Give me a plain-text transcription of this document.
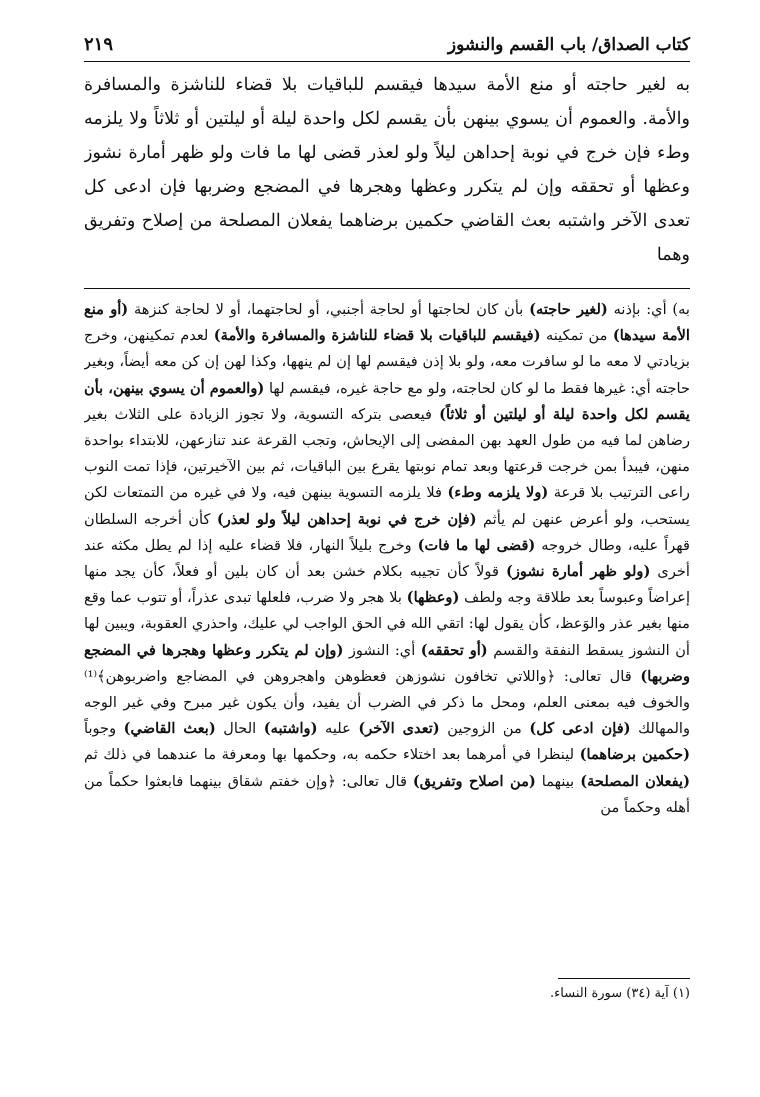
كتاب الصداق/ باب القسم والنشوز
٢١٩
به لغير حاجته أو منع الأمة سيدها فيقسم للباقيات بلا قضاء للناشزة والمسافرة والأمة. والعموم أن يسوي بينهن بأن يقسم لكل واحدة ليلة أو ليلتين أو ثلاثاً ولا يلزمه وطء فإن خرج في نوبة إحداهن ليلاً ولو لعذر قضى لها ما فات ولو ظهر أمارة نشوز وعظها أو تحققه وإن لم يتكرر وعظها وهجرها في المضجع وضربها فإن ادعى كل تعدى الآخر واشتبه بعث القاضي حكمين برضاهما يفعلان المصلحة من إصلاح وتفريق وهما
به) أي: بإذنه (لغير حاجته) بأن كان لحاجتها أو لحاجة أجنبي، أو لحاجتهما، أو لا لحاجة كنزهة (أو منع الأمة سيدها) من تمكينه (فيقسم للباقيات بلا قضاء للناشزة والمسافرة والأمة) لعدم تمكينهن، وخرج بزيادتي لا معه ما لو سافرت معه، ولو بلا إذن فيقسم لها إن لم ينهها، وكذا لهن إن كن معه أيضاً، وبغير حاجته أي: غيرها فقط ما لو كان لحاجته، ولو مع حاجة غيره، فيقسم لها (والعموم أن يسوي بينهن، بأن يقسم لكل واحدة ليلة أو ليلتين أو ثلاثاً) فيعصى بتركه التسوية، ولا تجوز الزيادة على الثلاث بغير رضاهن لما فيه من طول العهد بهن المفضى إلى الإيحاش، وتجب القرعة عند تنازعهن، للابتداء بواحدة منهن، فيبدأ بمن خرجت قرعتها وبعد تمام نوبتها يقرع بين الباقيات، ثم بين الآخيرتين، فإذا تمت النوب راعى الترتيب بلا قرعة (ولا يلزمه وطء) فلا يلزمه التسوية بينهن فيه، ولا في غيره من التمتعات لكن يستحب، ولو أعرض عنهن لم يأثم (فإن خرج في نوبة إحداهن ليلاً ولو لعذر) كأن أخرجه السلطان قهراً عليه، وطال خروجه (قضى لها ما فات) وخرج بليلاً النهار، فلا قضاء عليه إذا لم يطل مكثه عند أخرى (ولو ظهر أمارة نشوز) قولاً كأن تجيبه بكلام خشن بعد أن كان بلين أو فعلاً، كأن يجد منها إعراضاً وعبوساً بعد طلاقة وجه ولطف (وعظها) بلا هجر ولا ضرب، فلعلها تبدى عذراً، أو تتوب عما وقع منها بغير عذر والوَعظ، كأن يقول لها: اتقي الله في الحق الواجب لي عليك، واحذري العقوبة، ويبين لها أن النشوز يسقط النفقة والقسم (أو تحققه) أي: النشوز (وإن لم يتكرر وعظها وهجرها في المضجع وضربها) قال تعالى: ﴿واللاتي تخافون نشوزهن فعظوهن واهجروهن في المضاجع واضربوهن﴾⁽¹⁾ والخوف فيه بمعنى العلم، ومحل ما ذكر في الضرب أن يفيد، وأن يكون غير مبرح وفي غير الوجه والمهالك (فإن ادعى كل) من الزوجين (تعدى الآخر) عليه (واشتبه) الحال (بعث القاضي) وجوباً (حكمين برضاهما) لينظرا في أمرهما بعد اختلاء حكمه به، وحكمها بها ومعرفة ما عندهما في ذلك ثم (يفعلان المصلحة) بينهما (من اصلاح وتفريق) قال تعالى: ﴿وإن خفتم شقاق بينهما فابعثوا حكماً من أهله وحكماً من
(١) آية (٣٤) سورة النساء.
